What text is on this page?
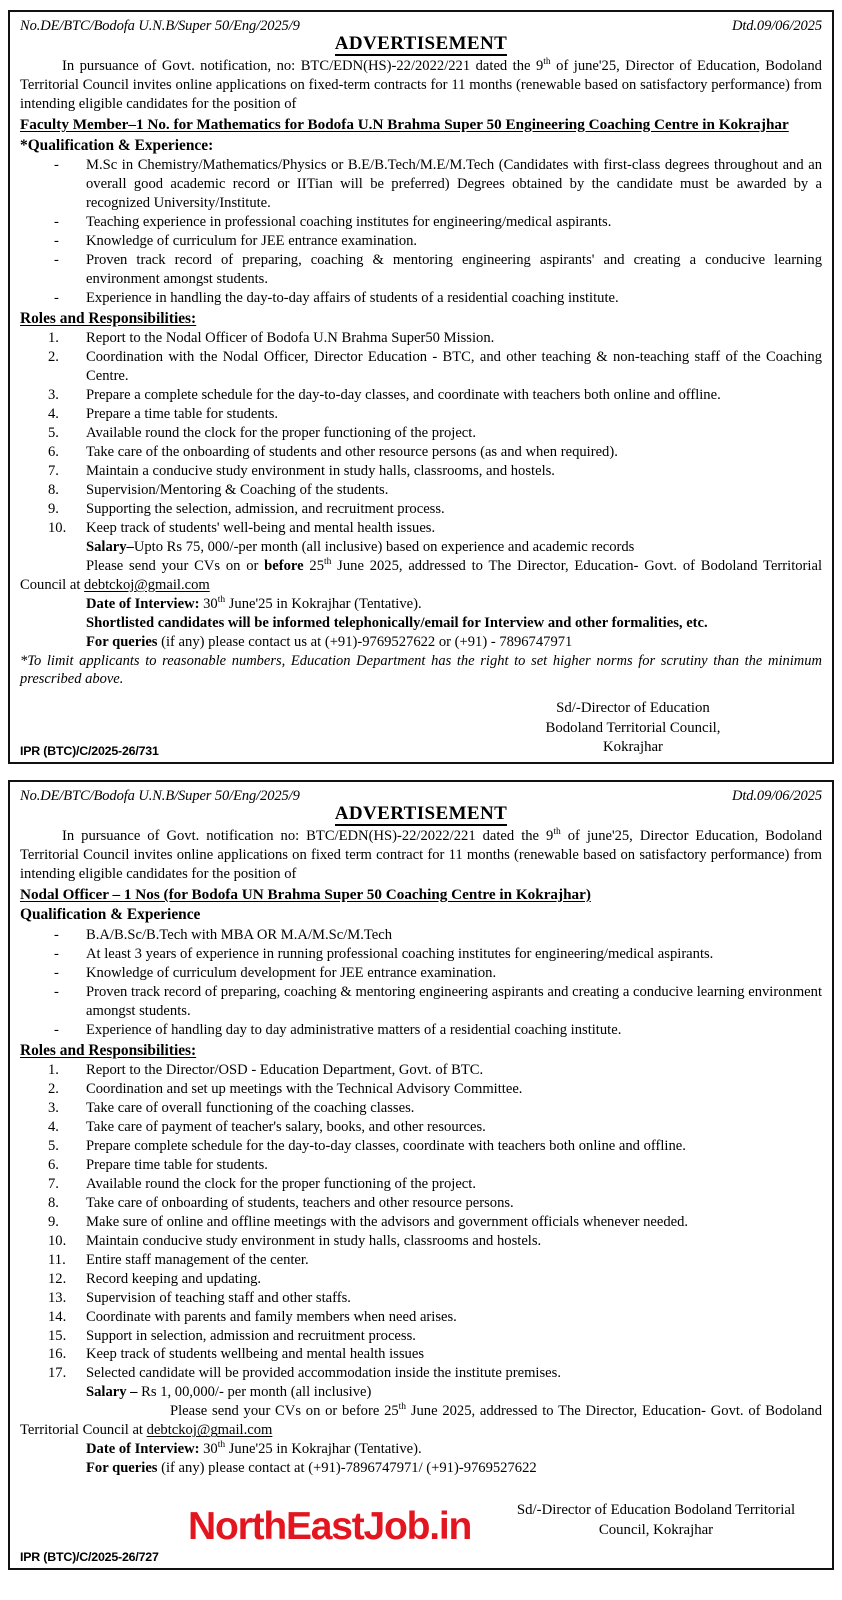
No.DE/BTC/Bodofa U.N.B/Super 50/Eng/2025/9	Dtd.09/06/2025
ADVERTISEMENT

In pursuance of Govt. notification, no: BTC/EDN(HS)-22/2022/221 dated the 9th of june'25, Director of Education, Bodoland Territorial Council invites online applications on fixed-term contracts for 11 months (renewable based on satisfactory performance) from intending eligible candidates for the position of

Faculty Member–1 No. for Mathematics for Bodofa U.N Brahma Super 50 Engineering Coaching Centre in Kokrajhar
*Qualification & Experience:
- M.Sc in Chemistry/Mathematics/Physics or B.E/B.Tech/M.E/M.Tech (Candidates with first-class degrees throughout and an overall good academic record or IITian will be preferred) Degrees obtained by the candidate must be awarded by a recognized University/Institute.
- Teaching experience in professional coaching institutes for engineering/medical aspirants.
- Knowledge of curriculum for JEE entrance examination.
- Proven track record of preparing, coaching & mentoring engineering aspirants' and creating a conducive learning environment amongst students.
- Experience in handling the day-to-day affairs of students of a residential coaching institute.
Roles and Responsibilities:
Report to the Nodal Officer of Bodofa U.N Brahma Super50 Mission.
Coordination with the Nodal Officer, Director Education - BTC, and other teaching & non-teaching staff of the Coaching Centre.
Prepare a complete schedule for the day-to-day classes, and coordinate with teachers both online and offline.
Prepare a time table for students.
Available round the clock for the proper functioning of the project.
Take care of the onboarding of students and other resource persons (as and when required).
Maintain a conducive study environment in study halls, classrooms, and hostels.
Supervision/Mentoring & Coaching of the students.
Supporting the selection, admission, and recruitment process.
Keep track of students' well-being and mental health issues.
Salary–Upto Rs 75, 000/-per month (all inclusive) based on experience and academic records
Please send your CVs on or before 25th June 2025, addressed to The Director, Education- Govt. of Bodoland Territorial Council at debtckoj@gmail.com
Date of Interview: 30th June'25 in Kokrajhar (Tentative).
Shortlisted candidates will be informed telephonically/email for Interview and other formalities, etc.
For queries (if any) please contact us at (+91)-9769527622 or (+91) - 7896747971
*To limit applicants to reasonable numbers, Education Department has the right to set higher norms for scrutiny than the minimum prescribed above.
Sd/-Director of Education
Bodoland Territorial Council,
Kokrajhar
IPR (BTC)/C/2025-26/731
No.DE/BTC/Bodofa U.N.B/Super 50/Eng/2025/9	Dtd.09/06/2025
ADVERTISEMENT

In pursuance of Govt. notification no: BTC/EDN(HS)-22/2022/221 dated the 9th of june'25, Director Education, Bodoland Territorial Council invites online applications on fixed term contract for 11 months (renewable based on satisfactory performance) from intending eligible candidates for the position of

Nodal Officer – 1 Nos (for Bodofa UN Brahma Super 50 Coaching Centre in Kokrajhar)
Qualification & Experience
- B.A/B.Sc/B.Tech with MBA OR M.A/M.Sc/M.Tech
- At least 3 years of experience in running professional coaching institutes for engineering/medical aspirants.
- Knowledge of curriculum development for JEE entrance examination.
- Proven track record of preparing, coaching & mentoring engineering aspirants and creating a conducive learning environment amongst students.
- Experience of handling day to day administrative matters of a residential coaching institute.
Roles and Responsibilities:
Report to the Director/OSD - Education Department, Govt. of BTC.
Coordination and set up meetings with the Technical Advisory Committee.
Take care of overall functioning of the coaching classes.
Take care of payment of teacher's salary, books, and other resources.
Prepare complete schedule for the day-to-day classes, coordinate with teachers both online and offline.
Prepare time table for students.
Available round the clock for the proper functioning of the project.
Take care of onboarding of students, teachers and other resource persons.
Make sure of online and offline meetings with the advisors and government officials whenever needed.
Maintain conducive study environment in study halls, classrooms and hostels.
Entire staff management of the center.
Record keeping and updating.
Supervision of teaching staff and other staffs.
Coordinate with parents and family members when need arises.
Support in selection, admission and recruitment process.
Keep track of students wellbeing and mental health issues
Selected candidate will be provided accommodation inside the institute premises.
Salary – Rs 1, 00,000/- per month (all inclusive)
Please send your CVs on or before 25th June 2025, addressed to The Director, Education- Govt. of Bodoland Territorial Council at debtckoj@gmail.com
Date of Interview: 30th June'25 in Kokrajhar (Tentative).
For queries (if any) please contact at (+91)-7896747971/ (+91)-9769527622
NorthEastJob.in	Sd/-Director of Education Bodoland Territorial Council, Kokrajhar
IPR (BTC)/C/2025-26/727
